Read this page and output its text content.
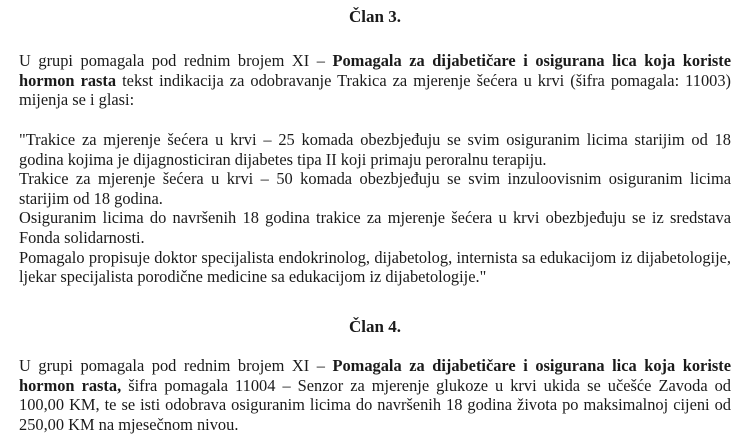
Član 3.

U grupi pomagala pod rednim brojem XI – Pomagala za dijabetičare i osigurana lica koja koriste hormon rasta tekst indikacija za odobravanje Trakica za mjerenje šećera u krvi (šifra pomagala: 11003) mijenja se i glasi:

"Trakice za mjerenje šećera u krvi – 25 komada obezbjeđuju se svim osiguranim licima starijim od 18 godina kojima je dijagnosticiran dijabetes tipa II koji primaju peroralnu terapiju.

Trakice za mjerenje šećera u krvi – 50 komada obezbjeđuju se svim inzuloovisnim osiguranim licima starijim od 18 godina.

Osiguranim licima do navršenih 18 godina trakice za mjerenje šećera u krvi obezbjeđuju se iz sredstava Fonda solidarnosti.

Pomagalo propisuje doktor specijalista endokrinolog, dijabetolog, internista sa edukacijom iz dijabetologije, ljekar specijalista porodične medicine sa edukacijom iz dijabetologije."

Član 4.

U grupi pomagala pod rednim brojem XI – Pomagala za dijabetičare i osigurana lica koja koriste hormon rasta, šifra pomagala 11004 – Senzor za mjerenje glukoze u krvi ukida se učešće Zavoda od 100,00 KM, te se isti odobrava osiguranim licima do navršenih 18 godina života po maksimalnoj cijeni od 250,00 KM na mjesečnom nivou.
